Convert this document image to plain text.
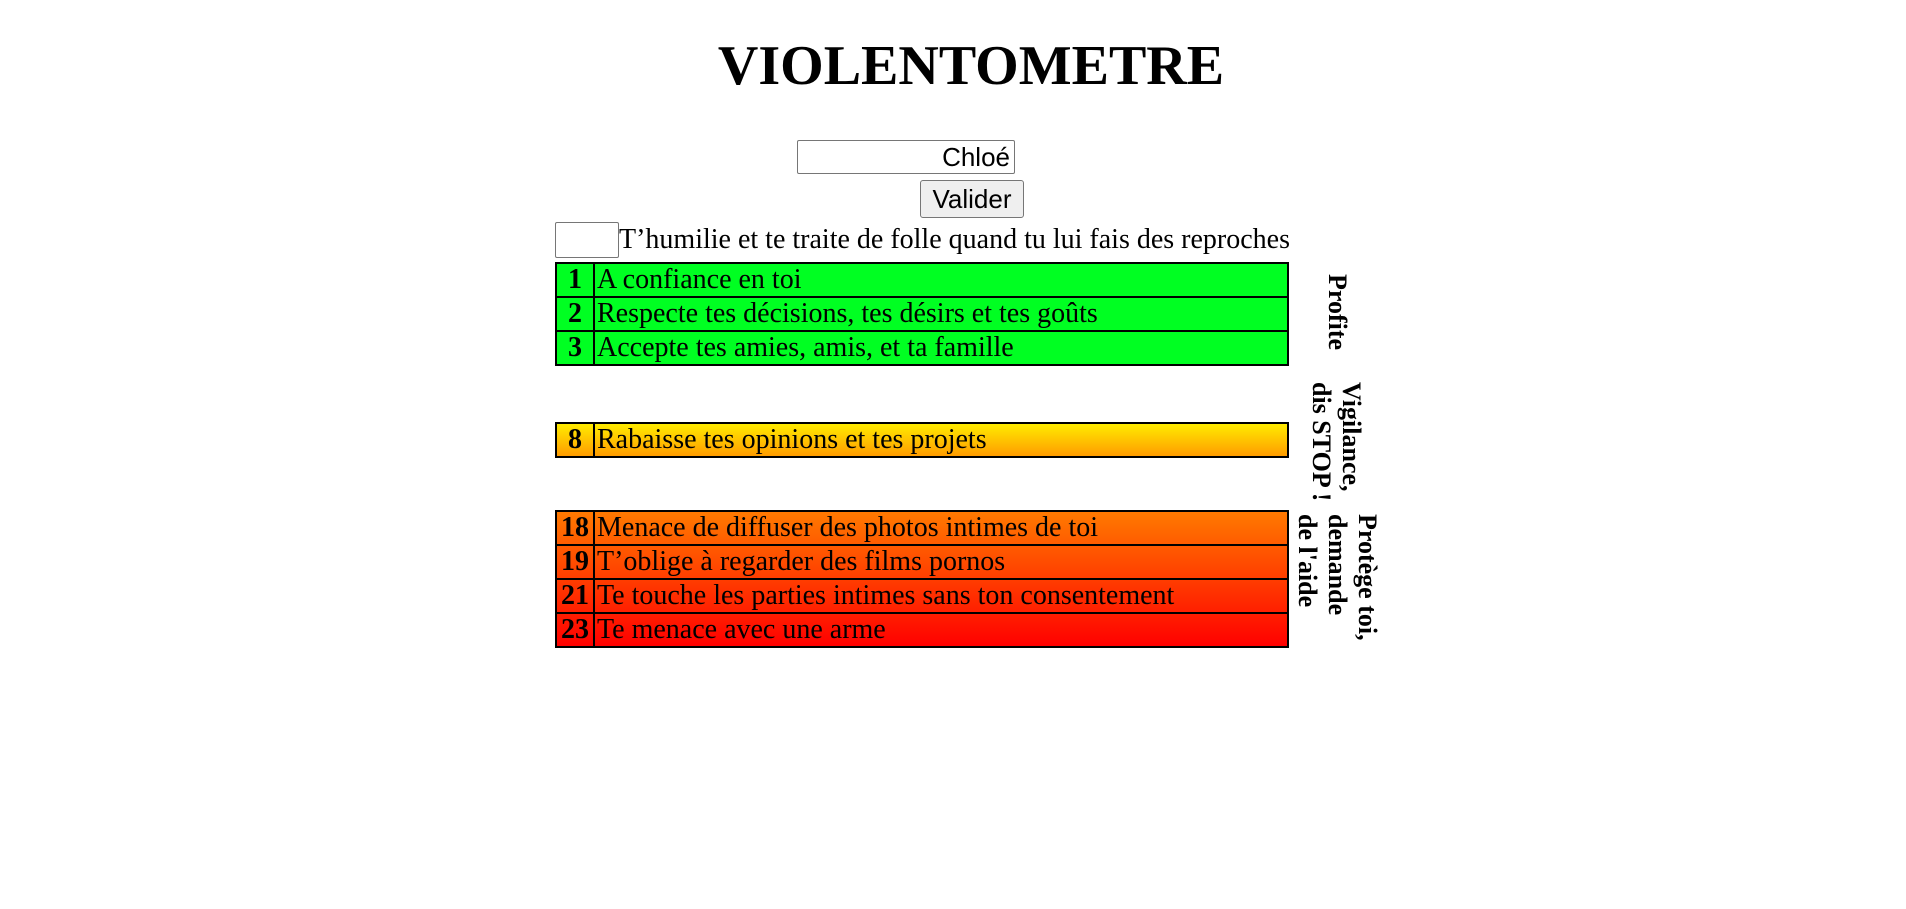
VIOLENTOMETRE
Chloé
Valider
T’humilie et te traite de folle quand tu lui fais des reproches
1	A confiance en toi
2	Respecte tes décisions, tes désirs et tes goûts
3	Accepte tes amies, amis, et ta famille
8	Rabaisse tes opinions et tes projets
18	Menace de diffuser des photos intimes de toi
19	T’oblige à regarder des films pornos
21	Te touche les parties intimes sans ton consentement
23	Te menace avec une arme
Profite
Vigilance,
dis STOP !
Protège toi,
demande
de l'aide
